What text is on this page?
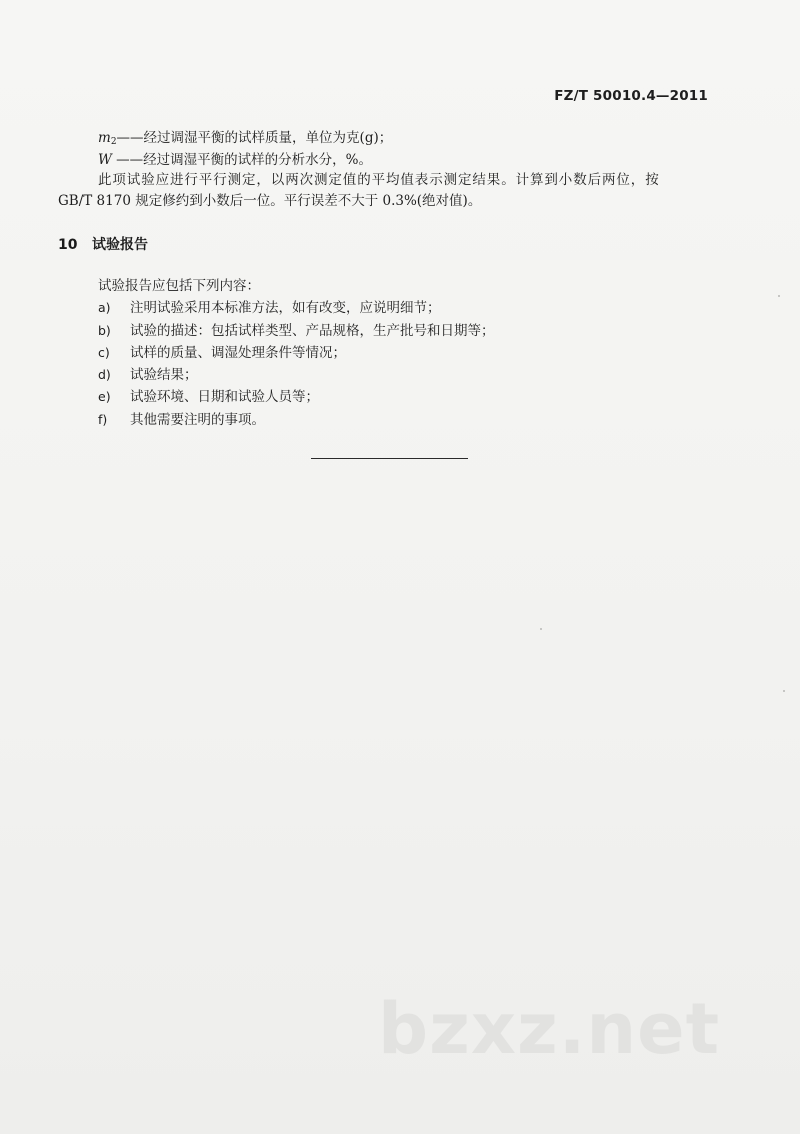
FZ/T 50010.4—2011
m2——经过调湿平衡的试样质量，单位为克(g)；
W ——经过调湿平衡的试样的分析水分，%。
此项试验应进行平行测定，以两次测定值的平均值表示测定结果。计算到小数后两位，按
GB/T 8170 规定修约到小数后一位。平行误差不大于 0.3%(绝对值)。
10 试验报告
试验报告应包括下列内容：
a) 注明试验采用本标准方法，如有改变，应说明细节；
b) 试验的描述：包括试样类型、产品规格，生产批号和日期等；
c) 试样的质量、调湿处理条件等情况；
d) 试验结果；
e) 试验环境、日期和试验人员等；
f) 其他需要注明的事项。
bzxz.net
